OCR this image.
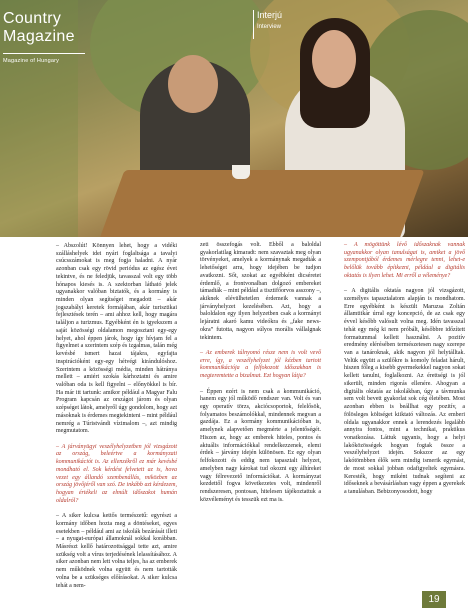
Country
Magazine
Magazine of Hungary
Interjú
Interview

– Abszolút! Könnyen lehet, hogy a vidéki szálláshelyek idei nyári foglaltsága a tavalyi csúcsszámokat is meg fogja haladni. A nyár azonban csak egy rövid periódus az egész évet tekintve, és ne feledjük, tavasszal volt egy több hónapos kiesés is. A szektorban látható jelek ugyanakkor valóban biztatók, és a kormány is minden olyan segítséget megadott – akár jogszabályi keretek formájában, akár turisztikai fejlesztések terén – ami ahhoz kell, hogy magára találjon a turizmus. Egyébként én is igyekszem a saját közösségi oldalamon megosztani egy-egy helyet, ahol éppen járok, hogy így hívjam fel a figyelmet a szerintem szép és izgalmas, talán még kevésbé ismert hazai tájakra, egyfajta inspirációként egy-egy hétvégi kirándulóshoz. Szerintem a közösségi média, minden hátránya mellett – amiért szokás kárhoztatni és amire valóban oda is kell figyelni – előnyökkel is bír. Ha már itt tartunk: amikor például a Magyar Falu Program kapcsán az országot járom és olyan szépséget látok, amelyről úgy gondolom, hogy azt másoknak is érdemes megtekinteni – mint például nemrég a Túristvándi vízimalom –, azt mindig megmutatom.

– A járványügyi veszélyhelyzetben jól vizsgázott az ország, beleértve a kormányzati kommunikációt is. Az ellenzékről ez már kevésbé mondható el. Sok kérdést felvetett az is, hova vezet egy állandó szembenállás, miközben az ország jövőjéről van szó. De inkább azt kérdezem, hogyan értékeli az elmúlt időszakot humán oldalról?

– A siker kulcsa kettős természetű: egyrészt a kormány időben hozta meg a döntéseket, egyes esetekben – például ami az iskolák bezárását illeti – a nyugat-európai államoknál sokkal korábban. Másrészt kellő határozottsággal tette azt, amire szükség volt a vírus terjedésének lelassításához. A siker azonban nem lett volna teljes, ha az emberek nem működnek volna együtt és nem tartották volna be a szükséges előírásokat. A siker kulcsa tehát a nem-

zeti összefogás volt. Ebből a baloldal gyakorlatilag kimaradt: nem szavaztak meg olyan törvényeket, amelyek a kormánynak megadták a lehetőséget arra, hogy idejében be tudjon avatkozni. Sőt, szokat az egyébként dicséretet érdemlő, a frontvonalban dolgozó embereket támadták – mint például a tisztifőorvos asszony –, akiknek elévülhetetlen érdemeik vannak a járványhelyzet kezelésében. Azt, hogy a baloldalon egy ilyen helyzetben csak a kormányt lejáratni akaró kamu videókra és „fake news-okra” futotta, nagyon súlyos morális vállalgnak tekintem.

– Az emberek túlnyomó része nem is volt vevő erre, így, a veszélyhelyzet jól kézben tartott kommunikációja a felfokozott időszakban is megteremtette a bizalmat. Ezt hogyan látja?

– Éppen ezért is nem csak a kommunikáció, hanem egy jól működő rendszer van. Volt és van egy operatív törzs, akciócsoportok, felelősök, folyamatos beszámolókkal, mindennek megvan a gazdája. Ez a kormány kommunikációban is, amelynek alapvetően megmérte a jelentőségét. Hiszen az, hogy az emberek hiteles, pontos és aktuális információkkal rendelkezzenek, elemi érdek – járvány idején különösen. Ez egy olyan felfokozott és eddig nem tapasztalt helyzet, amelyben nagy károkat tud okozni egy álhíreket vagy félrevezető információkat. A kormányzat kezdettől fogva következetes volt, mindenről rendszeresen, pontosan, hitelesen tájékoztattuk a közvéleményt és tesszük ezt ma is.

– A mögöttünk lévő időszaknak vannak ugyanakkor olyan tanulságai is, amiket a jövő szempontjából érdemes mérlegre tenni, lehet-e belőlük tovább építkezni, például a digitális oktatás is ilyen lehet. Mi erről a véleménye?

– A digitális oktatás nagyon jól vizsgázott, személyes tapasztalatom alapján is mondhatom. Erre egyébként is készült Maruzsa Zoltán államtitkár úrral egy koncepció, de az csak egy évvel később valósult volna meg. Idén tavasszal tehát egy még ki nem próbált, későbbre időzített formatummal kellett használni. A pozitív eredmény elérésében természetesen nagy szerepe van a tanároknak, akik nagyon jól helytálltak. Velük együtt a szülőkre is komoly feladat hárult, hiszen főleg a kisebb gyermekekkel nagyon sokat kellett tanulni, foglalkozni. Az érettségi is jól sikerült, minden rigorás ellenére. Ahogyan a digitális oktatás az iskolákban, úgy a távmunka sem volt bevett gyakorlat sok cég életében. Most azonban ebben is beállhat egy pozitív, a fölösleges költséget kiiktató változás. Az emberi oldala ugyanakkor ennek a lerendezés legalább annyira fontos, mint a technikai, praktikus vonatkozása. Láttuk ugyanis, hogy a helyi lakóközösségek hogyan fogtak össze a veszélyhelyzet idején. Sokszor az egy lakótömbben élők sem mindig ismerik egymást, de most sokkal jobban odafigyeltek egymásra. Keresték, hogy miként tudnak segíteni az időseknek a bevásárlásban vagy éppen a gyerekek a tanulásban. Bebizonyosodott, hogy

19
